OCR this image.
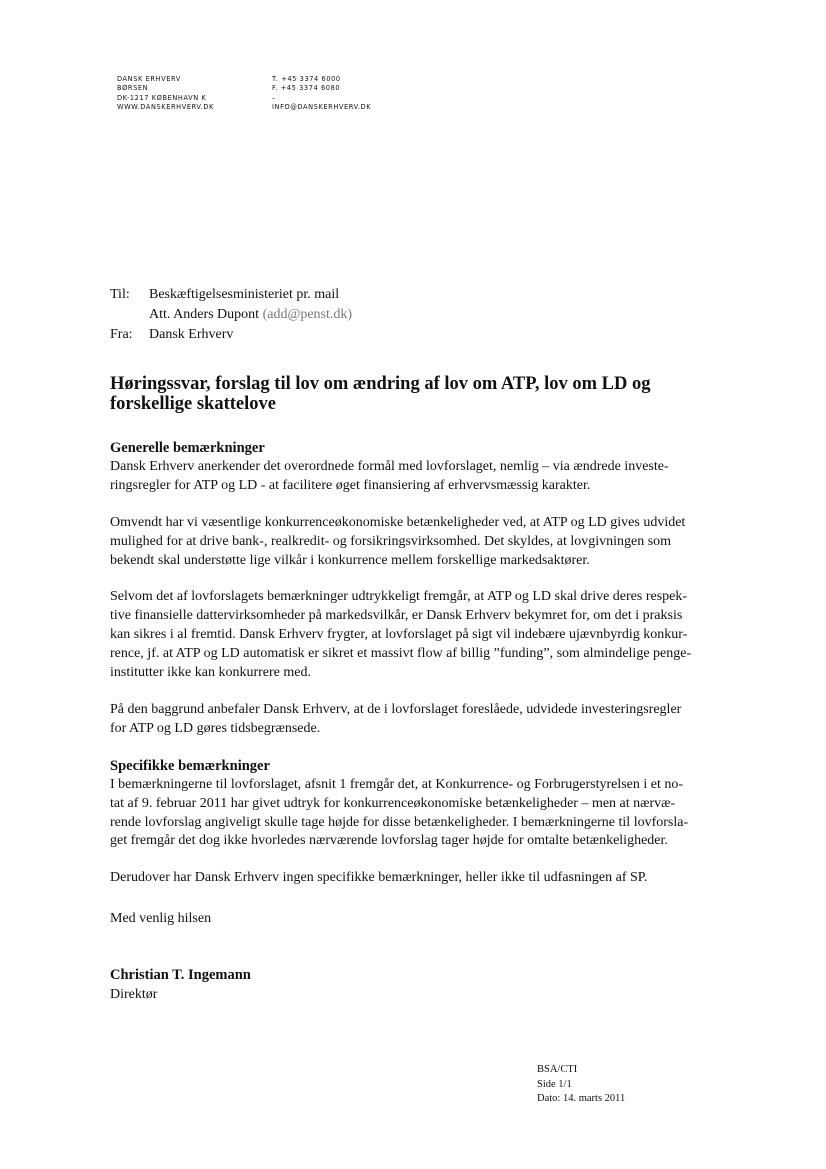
DANSK ERHVERV
BØRSEN
DK-1217 KØBENHAVN K
WWW.DANSKERHVERV.DK
T. +45 3374 6000
F. +45 3374 6080
–
INFO@DANSKERHVERV.DK
Til:	Beskæftigelsesministeriet pr. mail
Att. Anders Dupont (add@penst.dk)
Fra:	Dansk Erhverv
Høringssvar, forslag til lov om ændring af lov om ATP, lov om LD og
forskellige skattelove
Generelle bemærkninger

Dansk Erhverv anerkender det overordnede formål med lovforslaget, nemlig – via ændrede investe-
ringsregler for ATP og LD - at facilitere øget finansiering af erhvervsmæssig karakter.

Omvendt har vi væsentlige konkurrenceøkonomiske betænkeligheder ved, at ATP og LD gives udvidet
mulighed for at drive bank-, realkredit- og forsikringsvirksomhed. Det skyldes, at lovgivningen som
bekendt skal understøtte lige vilkår i konkurrence mellem forskellige markedsaktører.

Selvom det af lovforslagets bemærkninger udtrykkeligt fremgår, at ATP og LD skal drive deres respek-
tive finansielle dattervirksomheder på markedsvilkår, er Dansk Erhverv bekymret for, om det i praksis
kan sikres i al fremtid. Dansk Erhverv frygter, at lovforslaget på sigt vil indebære ujævnbyrdig konkur-
rence, jf. at ATP og LD automatisk er sikret et massivt flow af billig ”funding”, som almindelige penge-
institutter ikke kan konkurrere med.

På den baggrund anbefaler Dansk Erhverv, at de i lovforslaget foreslåede, udvidede investeringsregler
for ATP og LD gøres tidsbegrænsede.

Specifikke bemærkninger

I bemærkningerne til lovforslaget, afsnit 1 fremgår det, at Konkurrence- og Forbrugerstyrelsen i et no-
tat af 9. februar 2011 har givet udtryk for konkurrenceøkonomiske betænkeligheder – men at nærvæ-
rende lovforslag angiveligt skulle tage højde for disse betænkeligheder. I bemærkningerne til lovforsla-
get fremgår det dog ikke hvorledes nærværende lovforslag tager højde for omtalte betænkeligheder.

Derudover har Dansk Erhverv ingen specifikke bemærkninger, heller ikke til udfasningen af SP.

Med venlig hilsen
Christian T. Ingemann
Direktør
BSA/CTI
Side 1/1
Dato: 14. marts 2011
